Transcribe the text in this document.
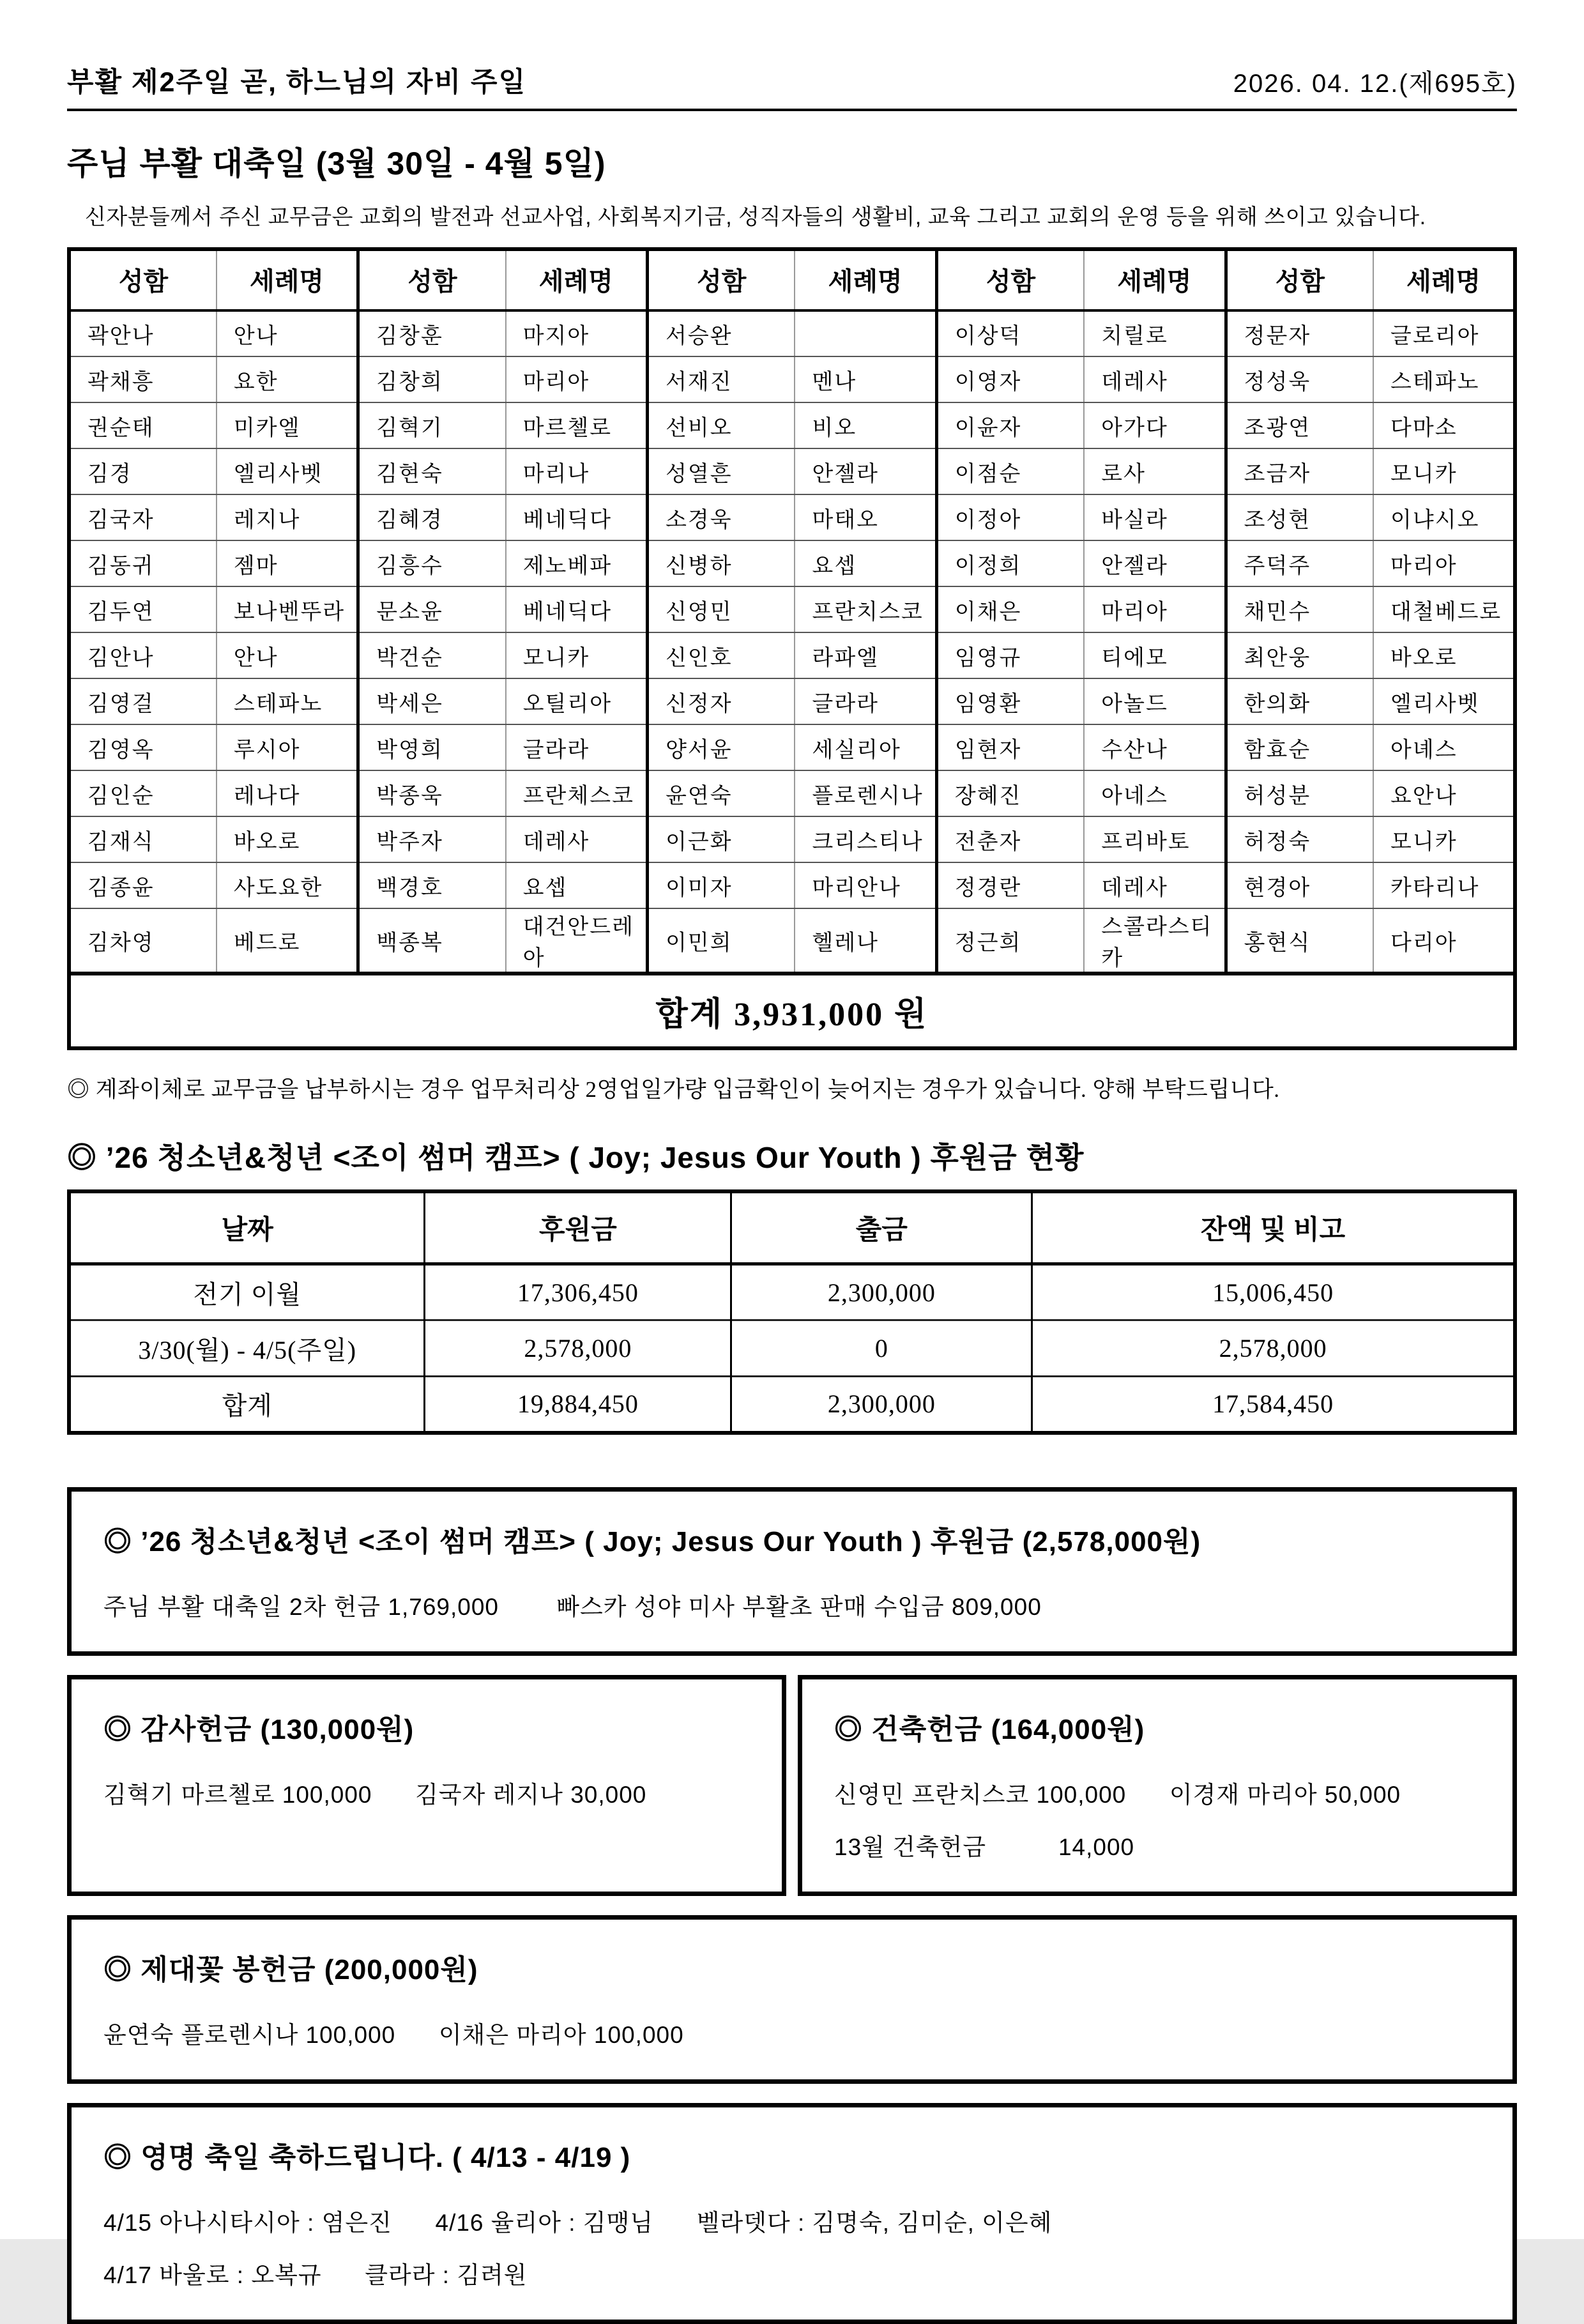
부활 제2주일 곧, 하느님의 자비 주일	2026. 04. 12.(제695호)
주님 부활 대축일 (3월 30일 - 4월 5일)

신자분들께서 주신 교무금은 교회의 발전과 선교사업, 사회복지기금, 성직자들의 생활비, 교육 그리고 교회의 운영 등을 위해 쓰이고 있습니다.

성함	세례명	성함	세례명	성함	세례명	성함	세례명	성함	세례명
곽안나	안나	김창훈	마지아	서승완		이상덕	치릴로	정문자	글로리아
곽채흥	요한	김창희	마리아	서재진	멘나	이영자	데레사	정성욱	스테파노
권순태	미카엘	김혁기	마르첼로	선비오	비오	이윤자	아가다	조광연	다마소
김경	엘리사벳	김현숙	마리나	성열흔	안젤라	이점순	로사	조금자	모니카
김국자	레지나	김혜경	베네딕다	소경욱	마태오	이정아	바실라	조성현	이냐시오
김동귀	젬마	김흥수	제노베파	신병하	요셉	이정희	안젤라	주덕주	마리아
김두연	보나벤뚜라	문소윤	베네딕다	신영민	프란치스코	이채은	마리아	채민수	대철베드로
김안나	안나	박건순	모니카	신인호	라파엘	임영규	티에모	최안웅	바오로
김영걸	스테파노	박세은	오틸리아	신정자	글라라	임영환	아놀드	한의화	엘리사벳
김영옥	루시아	박영희	글라라	양서윤	세실리아	임현자	수산나	함효순	아녜스
김인순	레나다	박종욱	프란체스코	윤연숙	플로렌시나	장혜진	아네스	허성분	요안나
김재식	바오로	박주자	데레사	이근화	크리스티나	전춘자	프리바토	허정숙	모니카
김종윤	사도요한	백경호	요셉	이미자	마리안나	정경란	데레사	현경아	카타리나
김차영	베드로	백종복	대건안드레아	이민희	헬레나	정근희	스콜라스티카	홍현식	다리아
합계 3,931,000 원									

◎ 계좌이체로 교무금을 납부하시는 경우 업무처리상 2영업일가량 입금확인이 늦어지는 경우가 있습니다. 양해 부탁드립니다.

◎ ’26 청소년&청년 <조이 썸머 캠프> ( Joy; Jesus Our Youth ) 후원금 현황
날짜	후원금	출금	잔액 및 비고
전기 이월	17,306,450	2,300,000	15,006,450
3/30(월) - 4/5(주일)	2,578,000	0	2,578,000
합계	19,884,450	2,300,000	17,584,450
◎ ’26 청소년&청년 <조이 썸머 캠프> ( Joy; Jesus Our Youth ) 후원금 (2,578,000원)
주님 부활 대축일 2차 헌금 1,769,000        빠스카 성야 미사 부활초 판매 수입금 809,000
◎ 감사헌금 (130,000원)
김혁기 마르첼로 100,000      김국자 레지나 30,000
◎ 건축헌금 (164,000원)
신영민 프란치스코 100,000      이경재 마리아 50,000
13월 건축헌금          14,000
◎ 제대꽃 봉헌금 (200,000원)
윤연숙 플로렌시나 100,000      이채은 마리아 100,000
◎ 영명 축일 축하드립니다. ( 4/13 - 4/19 )
4/15 아나시타시아 : 염은진      4/16 율리아 : 김맹님      벨라뎃다 : 김명숙, 김미순, 이은혜
4/17 바울로 : 오복규      클라라 : 김려원
